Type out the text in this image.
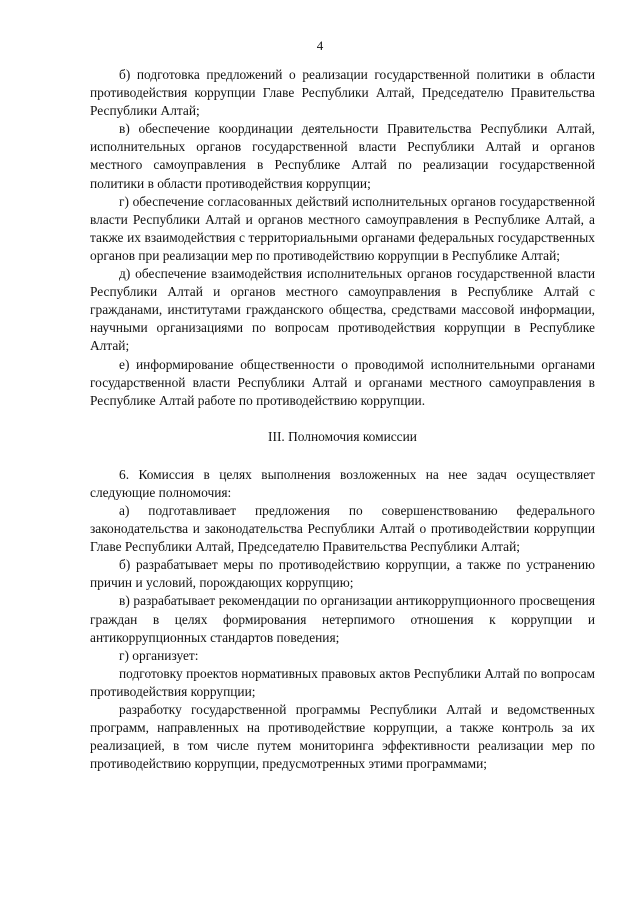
4

б) подготовка предложений о реализации государственной политики в области противодействия коррупции Главе Республики Алтай, Председателю Правительства Республики Алтай;

в) обеспечение координации деятельности Правительства Республики Алтай, исполнительных органов государственной власти Республики Алтай и органов местного самоуправления в Республике Алтай по реализации государственной политики в области противодействия коррупции;

г) обеспечение согласованных действий исполнительных органов государственной власти Республики Алтай и органов местного самоуправления в Республике Алтай, а также их взаимодействия с территориальными органами федеральных государственных органов при реализации мер по противодействию коррупции в Республике Алтай;

д) обеспечение взаимодействия исполнительных органов государственной власти Республики Алтай и органов местного самоуправления в Республике Алтай с гражданами, институтами гражданского общества, средствами массовой информации, научными организациями по вопросам противодействия коррупции в Республике Алтай;

е) информирование общественности о проводимой исполнительными органами государственной власти Республики Алтай и органами местного самоуправления в Республике Алтай работе по противодействию коррупции.

III. Полномочия комиссии

6. Комиссия в целях выполнения возложенных на нее задач осуществляет следующие полномочия:

а) подготавливает предложения по совершенствованию федерального законодательства и законодательства Республики Алтай о противодействии коррупции Главе Республики Алтай, Председателю Правительства Республики Алтай;

б) разрабатывает меры по противодействию коррупции, а также по устранению причин и условий, порождающих коррупцию;

в) разрабатывает рекомендации по организации антикоррупционного просвещения граждан в целях формирования нетерпимого отношения к коррупции и антикоррупционных стандартов поведения;

г) организует:

подготовку проектов нормативных правовых актов Республики Алтай по вопросам противодействия коррупции;

разработку государственной программы Республики Алтай и ведомственных программ, направленных на противодействие коррупции, а также контроль за их реализацией, в том числе путем мониторинга эффективности реализации мер по противодействию коррупции, предусмотренных этими программами;
